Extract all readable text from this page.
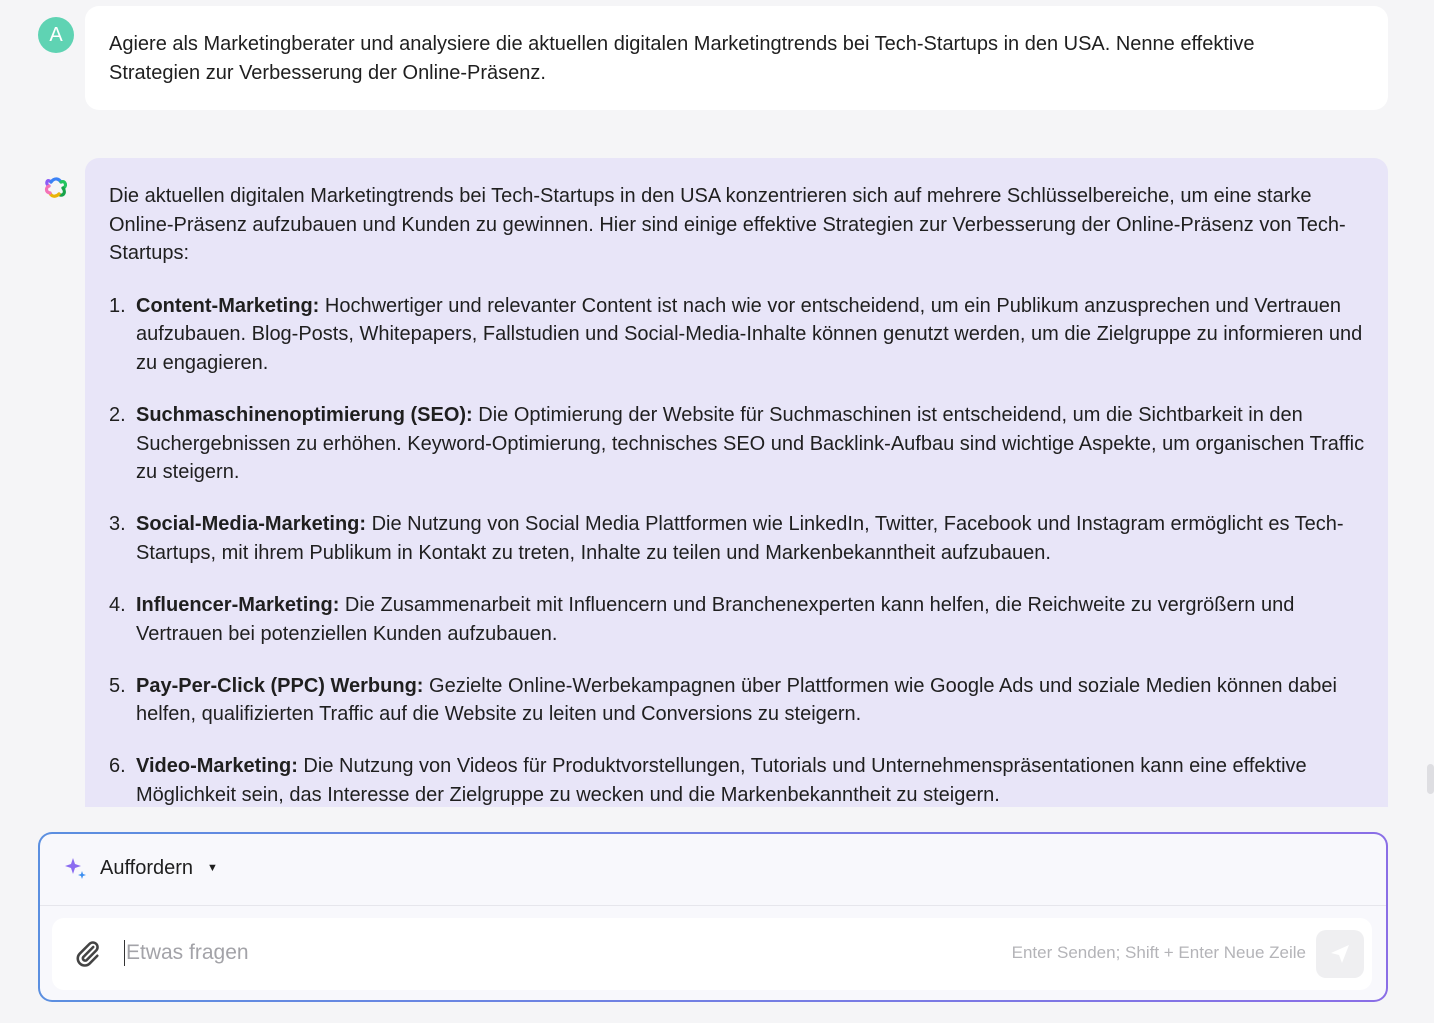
A	Agiere als Marketingberater und analysiere die aktuellen digitalen Marketingtrends bei Tech-Startups in den USA. Nenne effektive Strategien zur Verbesserung der Online-Präsenz.

Die aktuellen digitalen Marketingtrends bei Tech-Startups in den USA konzentrieren sich auf mehrere Schlüsselbereiche, um eine starke Online-Präsenz aufzubauen und Kunden zu gewinnen. Hier sind einige effektive Strategien zur Verbesserung der Online-Präsenz von Tech-Startups:

1. Content-Marketing: Hochwertiger und relevanter Content ist nach wie vor entscheidend, um ein Publikum anzusprechen und Vertrauen aufzubauen. Blog-Posts, Whitepapers, Fallstudien und Social-Media-Inhalte können genutzt werden, um die Zielgruppe zu informieren und zu engagieren.
2. Suchmaschinenoptimierung (SEO): Die Optimierung der Website für Suchmaschinen ist entscheidend, um die Sichtbarkeit in den Suchergebnissen zu erhöhen. Keyword-Optimierung, technisches SEO und Backlink-Aufbau sind wichtige Aspekte, um organischen Traffic zu steigern.
3. Social-Media-Marketing: Die Nutzung von Social Media Plattformen wie LinkedIn, Twitter, Facebook und Instagram ermöglicht es Tech-Startups, mit ihrem Publikum in Kontakt zu treten, Inhalte zu teilen und Markenbekanntheit aufzubauen.
4. Influencer-Marketing: Die Zusammenarbeit mit Influencern und Branchenexperten kann helfen, die Reichweite zu vergrößern und Vertrauen bei potenziellen Kunden aufzubauen.
5. Pay-Per-Click (PPC) Werbung: Gezielte Online-Werbekampagnen über Plattformen wie Google Ads und soziale Medien können dabei helfen, qualifizierten Traffic auf die Website zu leiten und Conversions zu steigern.
6. Video-Marketing: Die Nutzung von Videos für Produktvorstellungen, Tutorials und Unternehmenspräsentationen kann eine effektive Möglichkeit sein, das Interesse der Zielgruppe zu wecken und die Markenbekanntheit zu steigern.
Auffordern ▼
Etwas fragen	Enter Senden; Shift + Enter Neue Zeile
